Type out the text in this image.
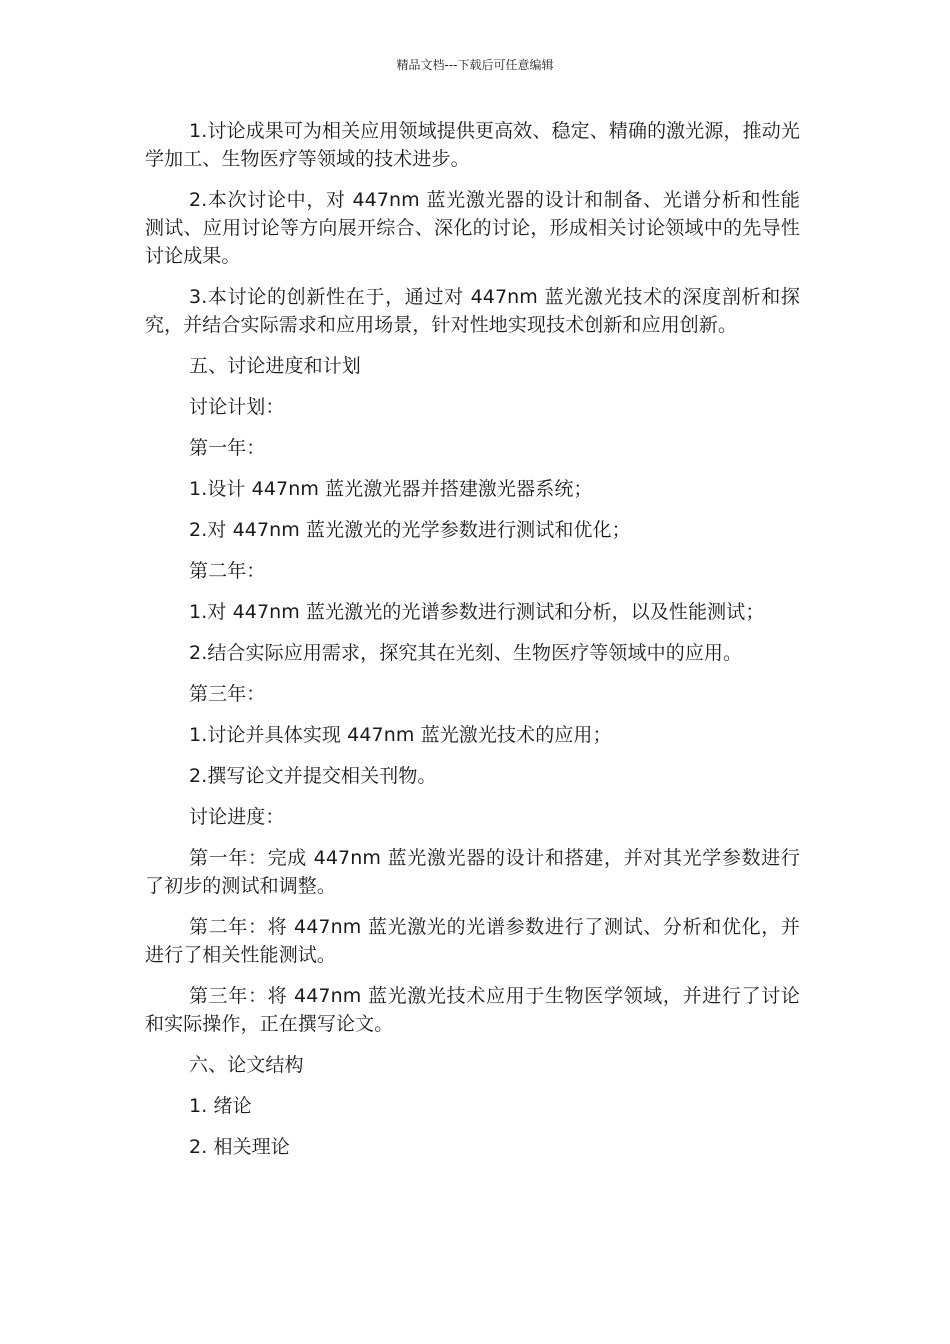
精品文档---下载后可任意编辑

1.讨论成果可为相关应用领域提供更高效、稳定、精确的激光源，推动光学加工、生物医疗等领域的技术进步。

2.本次讨论中，对 447nm 蓝光激光器的设计和制备、光谱分析和性能测试、应用讨论等方向展开综合、深化的讨论，形成相关讨论领域中的先导性讨论成果。

3.本讨论的创新性在于，通过对 447nm 蓝光激光技术的深度剖析和探究，并结合实际需求和应用场景，针对性地实现技术创新和应用创新。

五、讨论进度和计划

讨论计划：

第一年：

1.设计 447nm 蓝光激光器并搭建激光器系统；

2.对 447nm 蓝光激光的光学参数进行测试和优化；

第二年：

1.对 447nm 蓝光激光的光谱参数进行测试和分析，以及性能测试；

2.结合实际应用需求，探究其在光刻、生物医疗等领域中的应用。

第三年：

1.讨论并具体实现 447nm 蓝光激光技术的应用；

2.撰写论文并提交相关刊物。

讨论进度：

第一年：完成 447nm 蓝光激光器的设计和搭建，并对其光学参数进行了初步的测试和调整。

第二年：将 447nm 蓝光激光的光谱参数进行了测试、分析和优化，并进行了相关性能测试。

第三年：将 447nm 蓝光激光技术应用于生物医学领域，并进行了讨论和实际操作，正在撰写论文。

六、论文结构

1. 绪论

2. 相关理论
